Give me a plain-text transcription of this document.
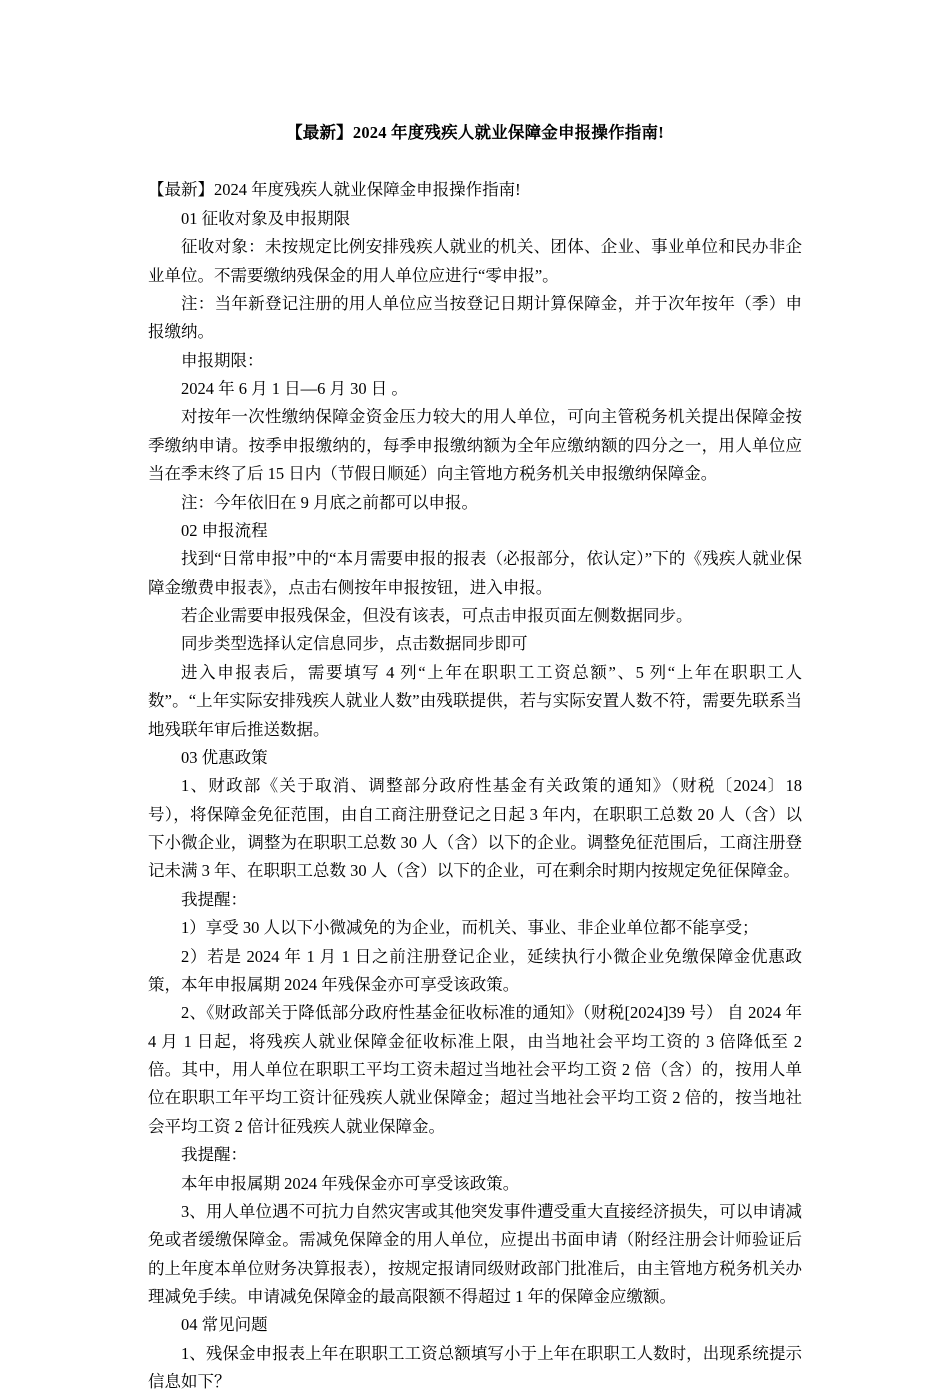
【最新】2024 年度残疾人就业保障金申报操作指南!

【最新】2024 年度残疾人就业保障金申报操作指南!

01 征收对象及申报期限

征收对象：未按规定比例安排残疾人就业的机关、团体、企业、事业单位和民办非企业单位。不需要缴纳残保金的用人单位应进行“零申报”。

注：当年新登记注册的用人单位应当按登记日期计算保障金，并于次年按年（季）申报缴纳。

申报期限：

2024 年 6 月 1 日—6 月 30 日 。

对按年一次性缴纳保障金资金压力较大的用人单位，可向主管税务机关提出保障金按季缴纳申请。按季申报缴纳的，每季申报缴纳额为全年应缴纳额的四分之一，用人单位应当在季末终了后 15 日内（节假日顺延）向主管地方税务机关申报缴纳保障金。

注：今年依旧在 9 月底之前都可以申报。

02 申报流程

找到“日常申报”中的“本月需要申报的报表（必报部分，依认定）”下的《残疾人就业保障金缴费申报表》，点击右侧按年申报按钮，进入申报。

若企业需要申报残保金，但没有该表，可点击申报页面左侧数据同步。

同步类型选择认定信息同步，点击数据同步即可

进入申报表后，需要填写 4 列“上年在职职工工资总额”、5 列“上年在职职工人数”。“上年实际安排残疾人就业人数”由残联提供，若与实际安置人数不符，需要先联系当地残联年审后推送数据。

03 优惠政策

1、财政部《关于取消、调整部分政府性基金有关政策的通知》（财税〔2024〕18 号），将保障金免征范围，由自工商注册登记之日起 3 年内，在职职工总数 20 人（含）以下小微企业，调整为在职职工总数 30 人（含）以下的企业。调整免征范围后，工商注册登记未满 3 年、在职职工总数 30 人（含）以下的企业，可在剩余时期内按规定免征保障金。

我提醒：

1）享受 30 人以下小微减免的为企业，而机关、事业、非企业单位都不能享受；

2）若是 2024 年 1 月 1 日之前注册登记企业，延续执行小微企业免缴保障金优惠政策，本年申报属期 2024 年残保金亦可享受该政策。

2、《财政部关于降低部分政府性基金征收标准的通知》（财税[2024]39 号） 自 2024 年 4 月 1 日起，将残疾人就业保障金征收标准上限，由当地社会平均工资的 3 倍降低至 2 倍。其中，用人单位在职职工平均工资未超过当地社会平均工资 2 倍（含）的，按用人单位在职职工年平均工资计征残疾人就业保障金；超过当地社会平均工资 2 倍的，按当地社会平均工资 2 倍计征残疾人就业保障金。

我提醒：

本年申报属期 2024 年残保金亦可享受该政策。

3、用人单位遇不可抗力自然灾害或其他突发事件遭受重大直接经济损失，可以申请减免或者缓缴保障金。需减免保障金的用人单位，应提出书面申请（附经注册会计师验证后的上年度本单位财务决算报表），按规定报请同级财政部门批准后，由主管地方税务机关办理减免手续。申请减免保障金的最高限额不得超过 1 年的保障金应缴额。

04 常见问题

1、残保金申报表上年在职职工工资总额填写小于上年在职职工人数时，出现系统提示信息如下？
